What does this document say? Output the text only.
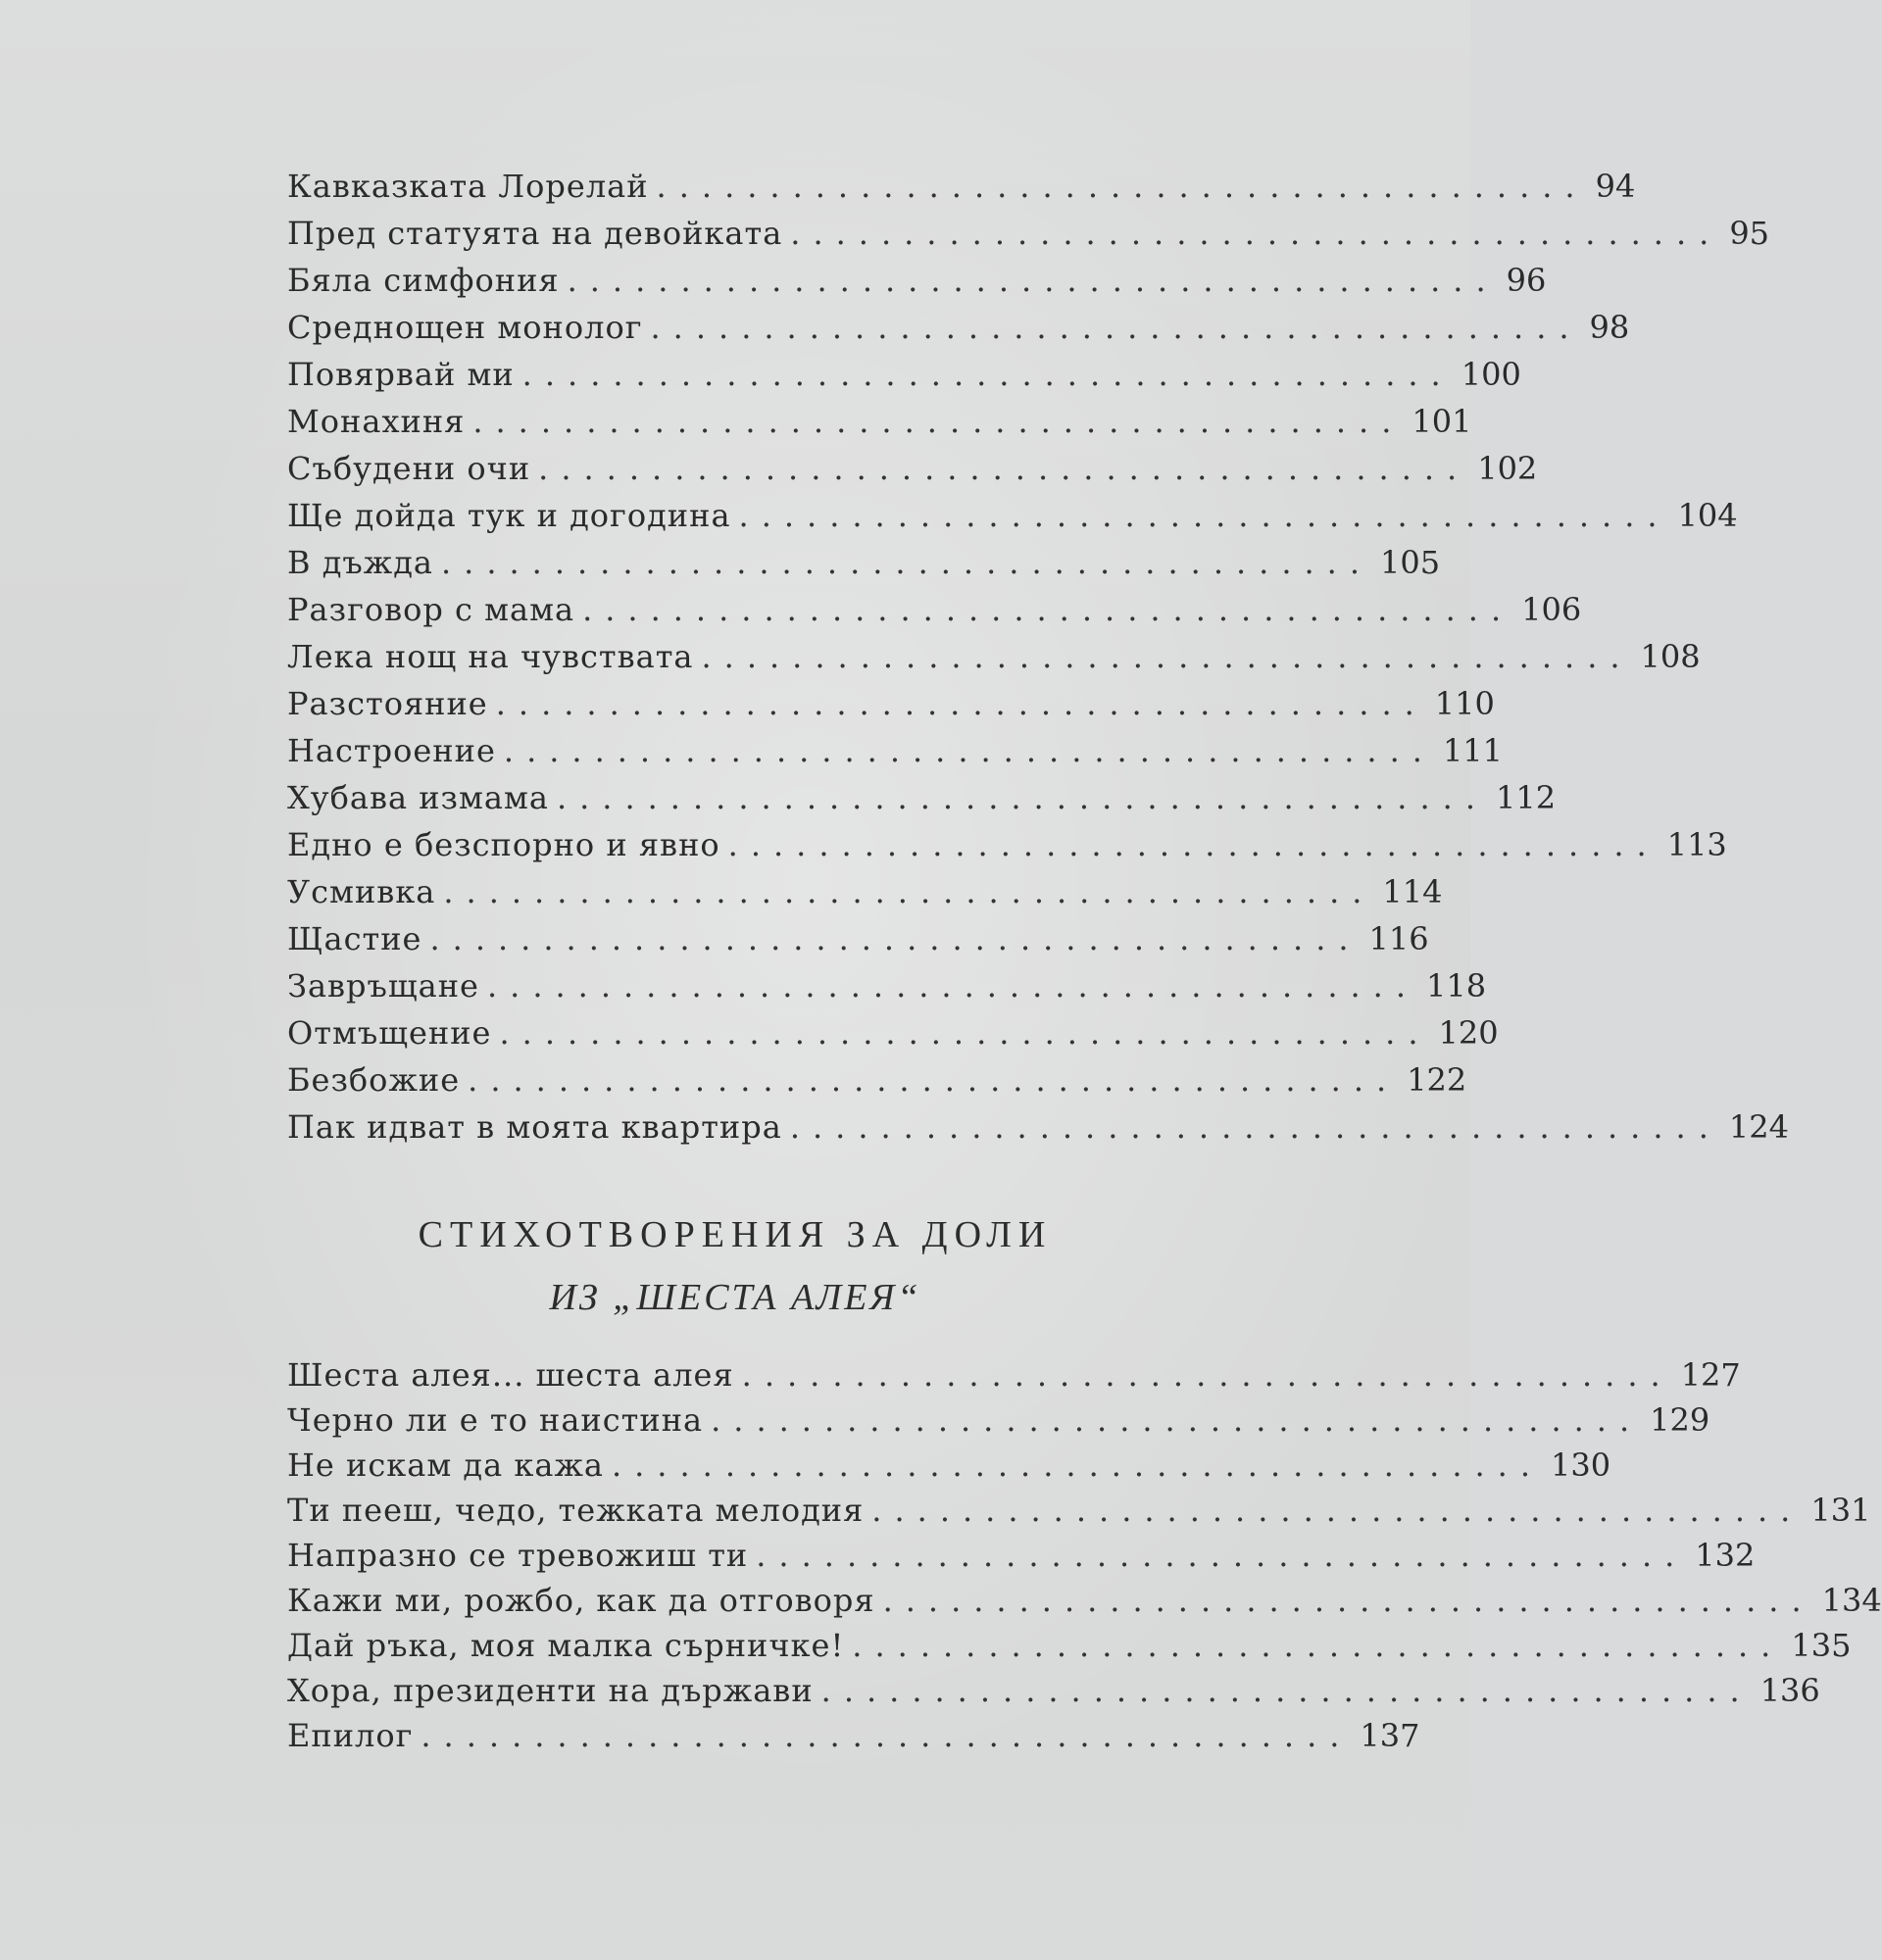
Кавказката Лорелай ......................................... 94
Пред статуята на девойката ......................................... 95
Бяла симфония ......................................... 96
Среднощен монолог ......................................... 98
Повярвай ми ......................................... 100
Монахиня ......................................... 101
Събудени очи ......................................... 102
Ще дойда тук и догодина ......................................... 104
В дъжда ......................................... 105
Разговор с мама ......................................... 106
Лека нощ на чувствата ......................................... 108
Разстояние ......................................... 110
Настроение ......................................... 111
Хубава измама ......................................... 112
Едно е безспорно и явно ......................................... 113
Усмивка ......................................... 114
Щастие ......................................... 116
Завръщане ......................................... 118
Отмъщение ......................................... 120
Безбожие ......................................... 122
Пак идват в моята квартира ......................................... 124
СТИХОТВОРЕНИЯ ЗА ДОЛИ
ИЗ „ШЕСТА АЛЕЯ“
Шеста алея... шеста алея ......................................... 127
Черно ли е то наистина ......................................... 129
Не искам да кажа ......................................... 130
Ти пееш, чедо, тежката мелодия ......................................... 131
Напразно се тревожиш ти ......................................... 132
Кажи ми, рожбо, как да отговоря ......................................... 134
Дай ръка, моя малка сърничке! ......................................... 135
Хора, президенти на държави ......................................... 136
Епилог ......................................... 137
